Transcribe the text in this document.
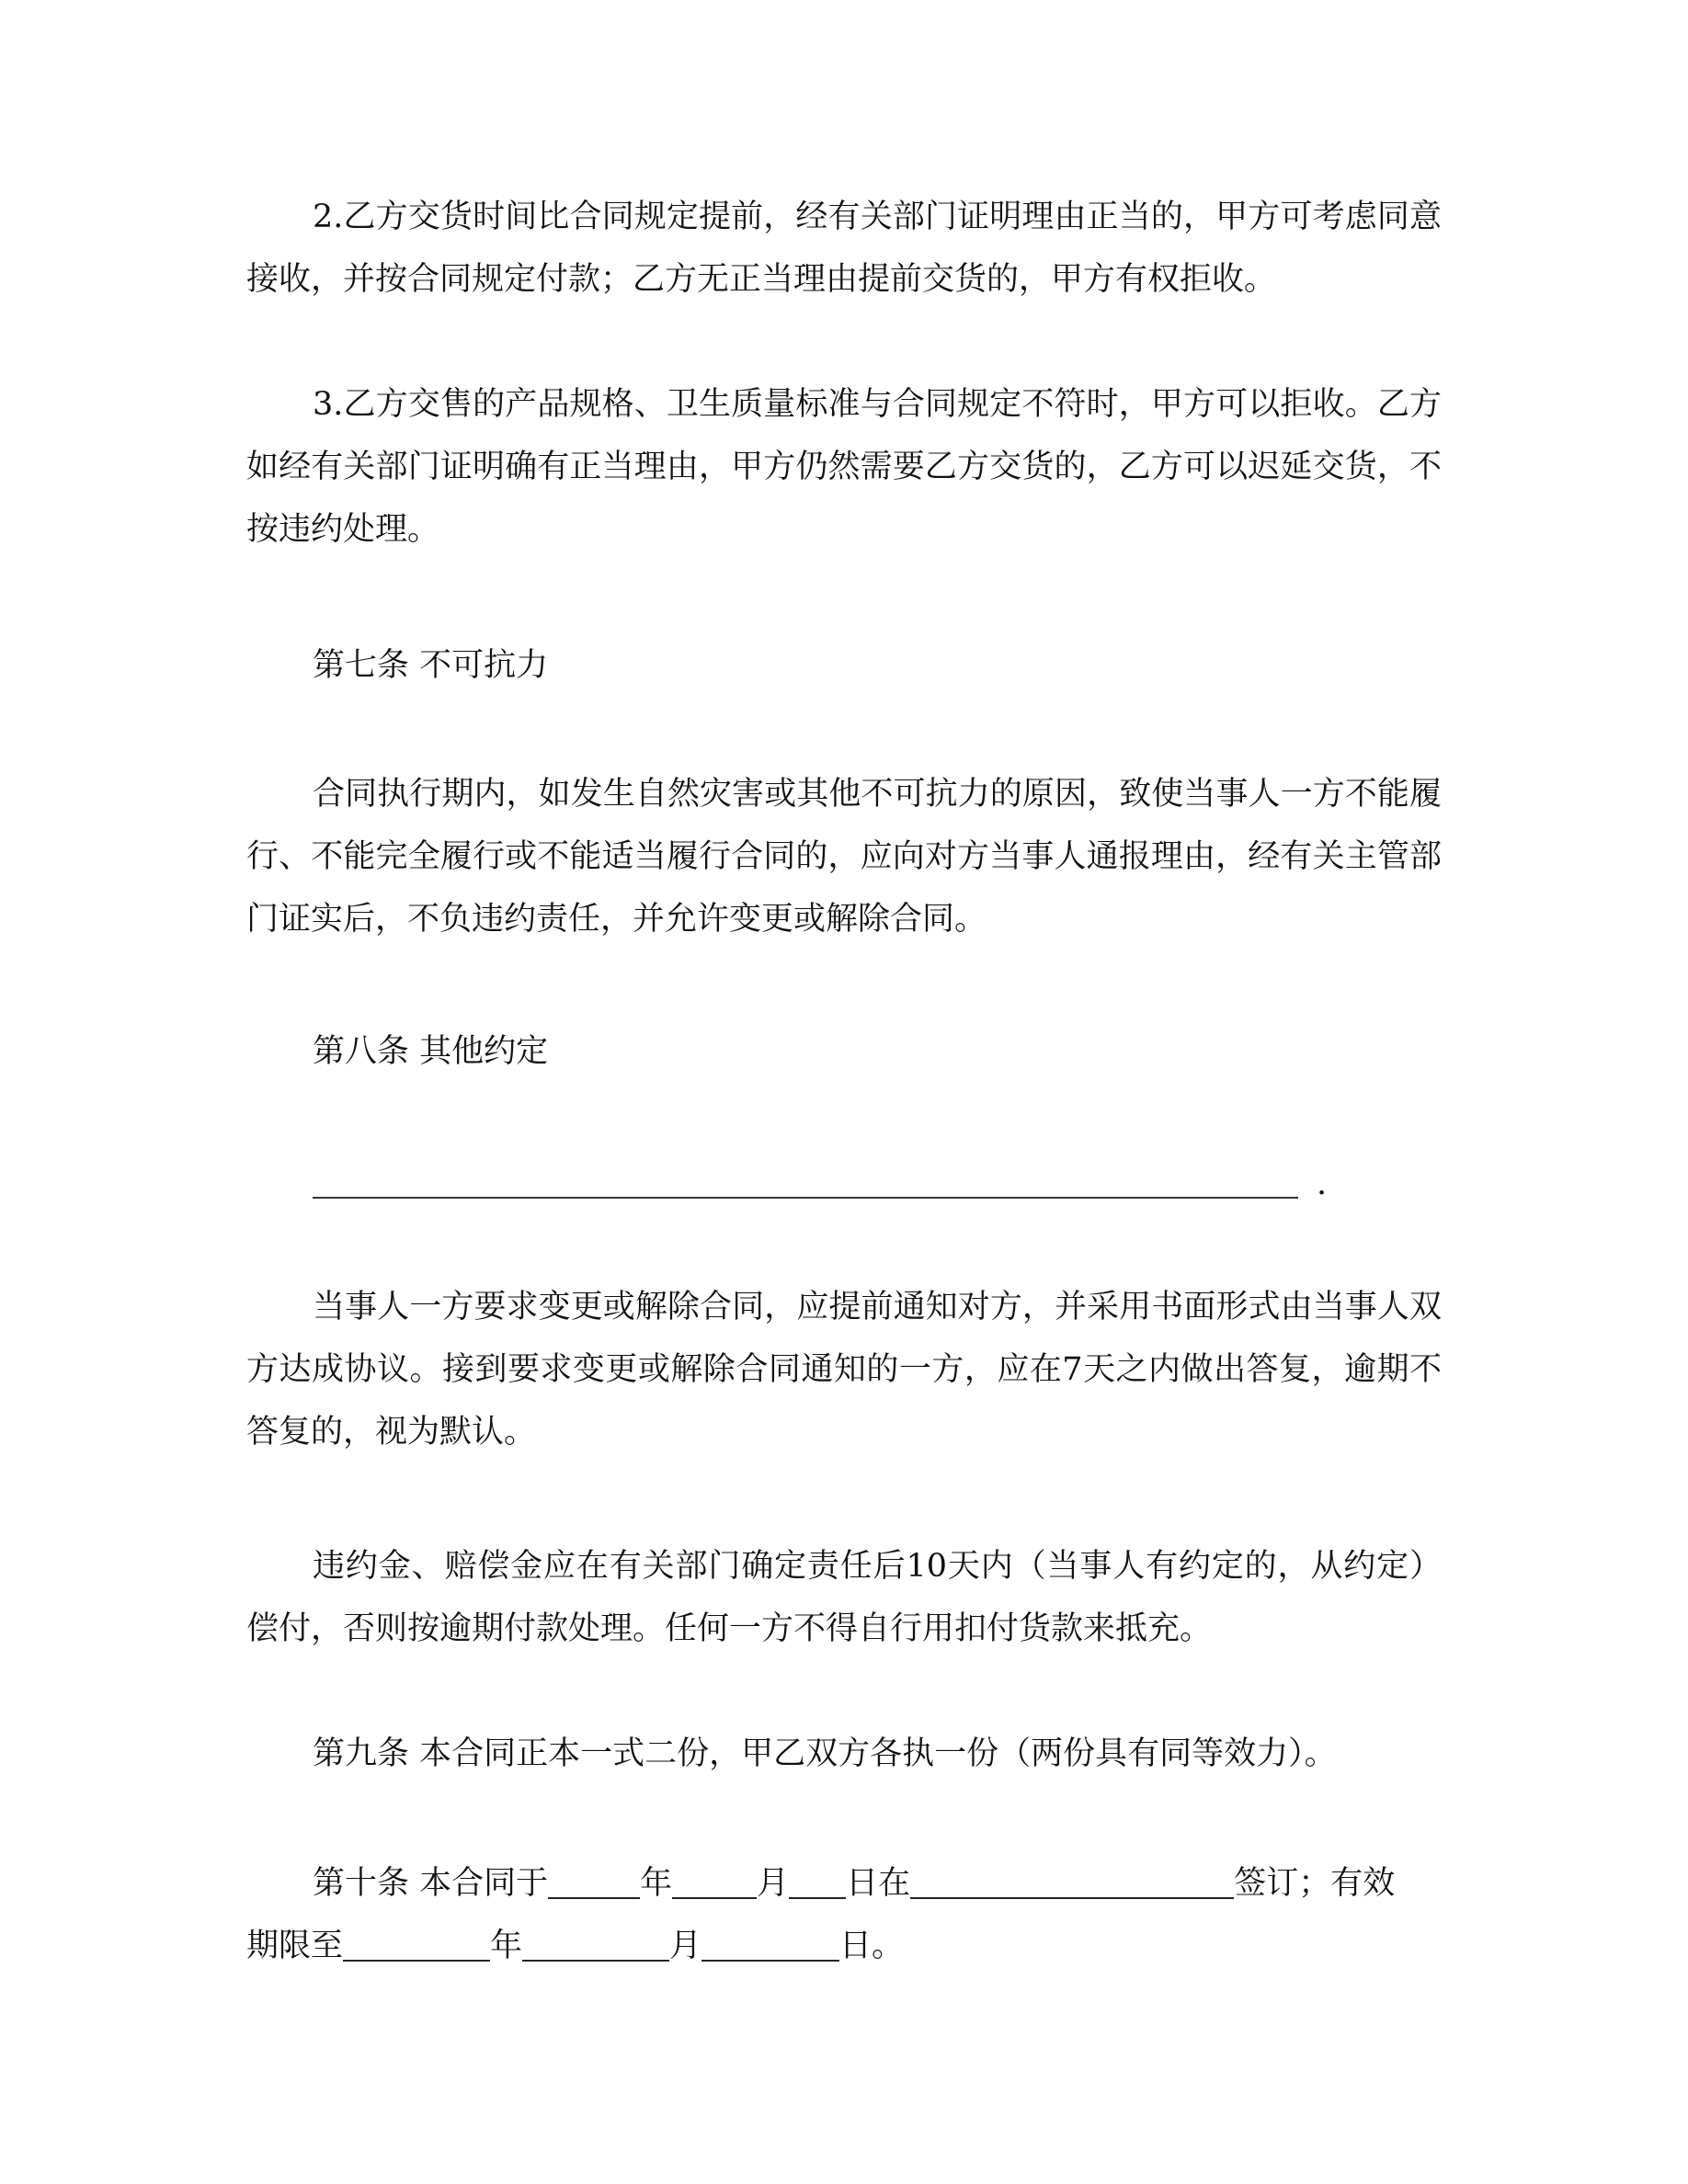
2.乙方交货时间比合同规定提前，经有关部门证明理由正当的，甲方可考虑同意接收，并按合同规定付款；乙方无正当理由提前交货的，甲方有权拒收。

3.乙方交售的产品规格、卫生质量标准与合同规定不符时，甲方可以拒收。乙方如经有关部门证明确有正当理由，甲方仍然需要乙方交货的，乙方可以迟延交货，不按违约处理。

第七条 不可抗力

合同执行期内，如发生自然灾害或其他不可抗力的原因，致使当事人一方不能履行、不能完全履行或不能适当履行合同的，应向对方当事人通报理由，经有关主管部门证实后，不负违约责任，并允许变更或解除合同。

第八条 其他约定

.

当事人一方要求变更或解除合同，应提前通知对方，并采用书面形式由当事人双方达成协议。接到要求变更或解除合同通知的一方，应在7天之内做出答复，逾期不答复的，视为默认。

违约金、赔偿金应在有关部门确定责任后10天内（当事人有约定的，从约定）偿付，否则按逾期付款处理。任何一方不得自行用扣付货款来抵充。

第九条 本合同正本一式二份，甲乙双方各执一份（两份具有同等效力）。

第十条 本合同于	年	月 日在	签订；有效
期限至	年	月	日。
